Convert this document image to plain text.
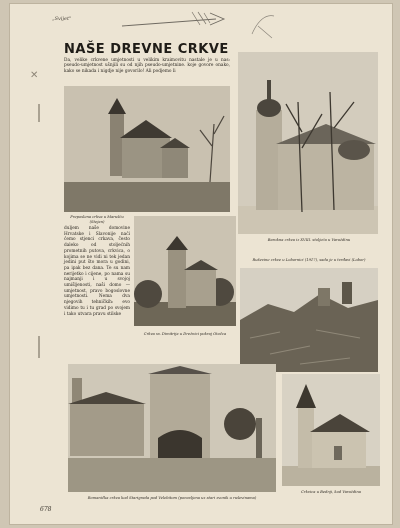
„Svijet"
✕
NAŠE DREVNE CRKVE
Da, velike crkvene umjetnosti u velikim kraimovitu nastale je u nas: pseudo-umjetnost ušnjili su od njih pseudo-umjetnine. koje govore onako, kako se nikada i nigdje nije govorilo! Ali podjemo li
Preposlena crkva u Marušću (Stejan)
Barokna crkva iz XVIII. stoljeća u Varaždinu
duljem naše domovine Hrvatske i Slavonije naći ćemo stjenci crkava, često daleko od stoljećnih prometnih putova, crkvica, o kojima se ne vidi ni tek jedan jedini put što mora u godini, pa ipak bez dana. Te su nam nerijetko i cijene, po nama su najmanji i u svojoj umišljenosti, naši domo — umjetnost, pravo bogoslovne umjetnosti. Nema dva njegovih tehničkih: evo vidimo tu i tu grad po svojem i tako utvara pravu stilske
Crkva sv. Dimitrija u Drežnici pokraj Otočca
Ruševine crkve u Lobornici (1917), sada je u tvrđavi (Lobor)
Romanička crkva kod Starigrada pod Velebitom (ponovljena uz stari zvonik u ruševinama)
Crkvica u Bednji, kod Varaždina
678
